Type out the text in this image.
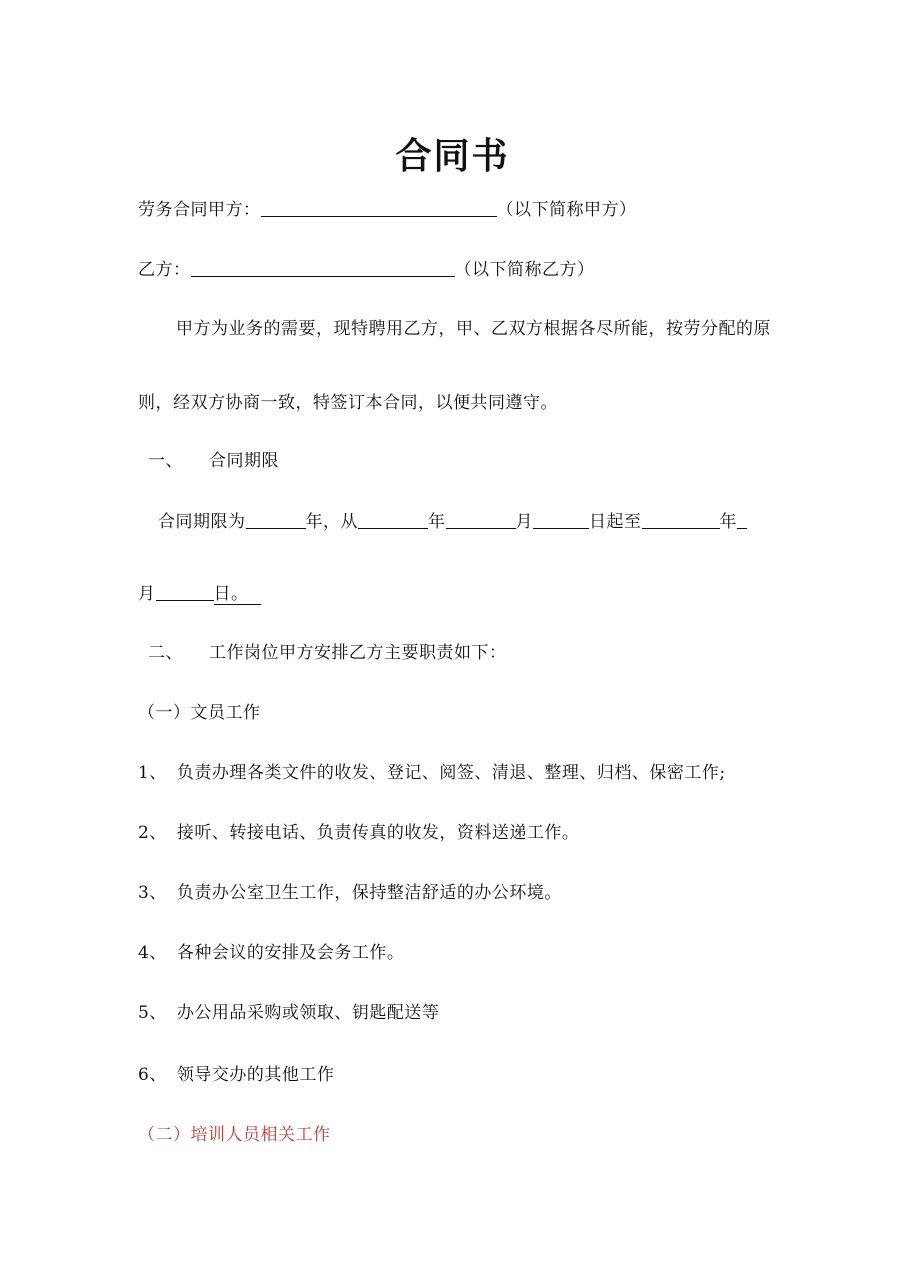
合同书
劳务合同甲方：	（以下简称甲方）
乙方：	（以下简称乙方）
甲方为业务的需要，现特聘用乙方，甲、乙双方根据各尽所能，按劳分配的原
则，经双方协商一致，特签订本合同，以便共同遵守。
一、 合同期限
合同期限为	年，从	年	月	日起至	年
月	日。
二、 工作岗位甲方安排乙方主要职责如下：
（一）文员工作
1、 负责办理各类文件的收发、登记、阅签、清退、整理、归档、保密工作;
2、 接听、转接电话、负责传真的收发，资料送递工作。
3、 负责办公室卫生工作，保持整洁舒适的办公环境。
4、 各种会议的安排及会务工作。
5、 办公用品采购或领取、钥匙配送等
6、 领导交办的其他工作
（二）培训人员相关工作
